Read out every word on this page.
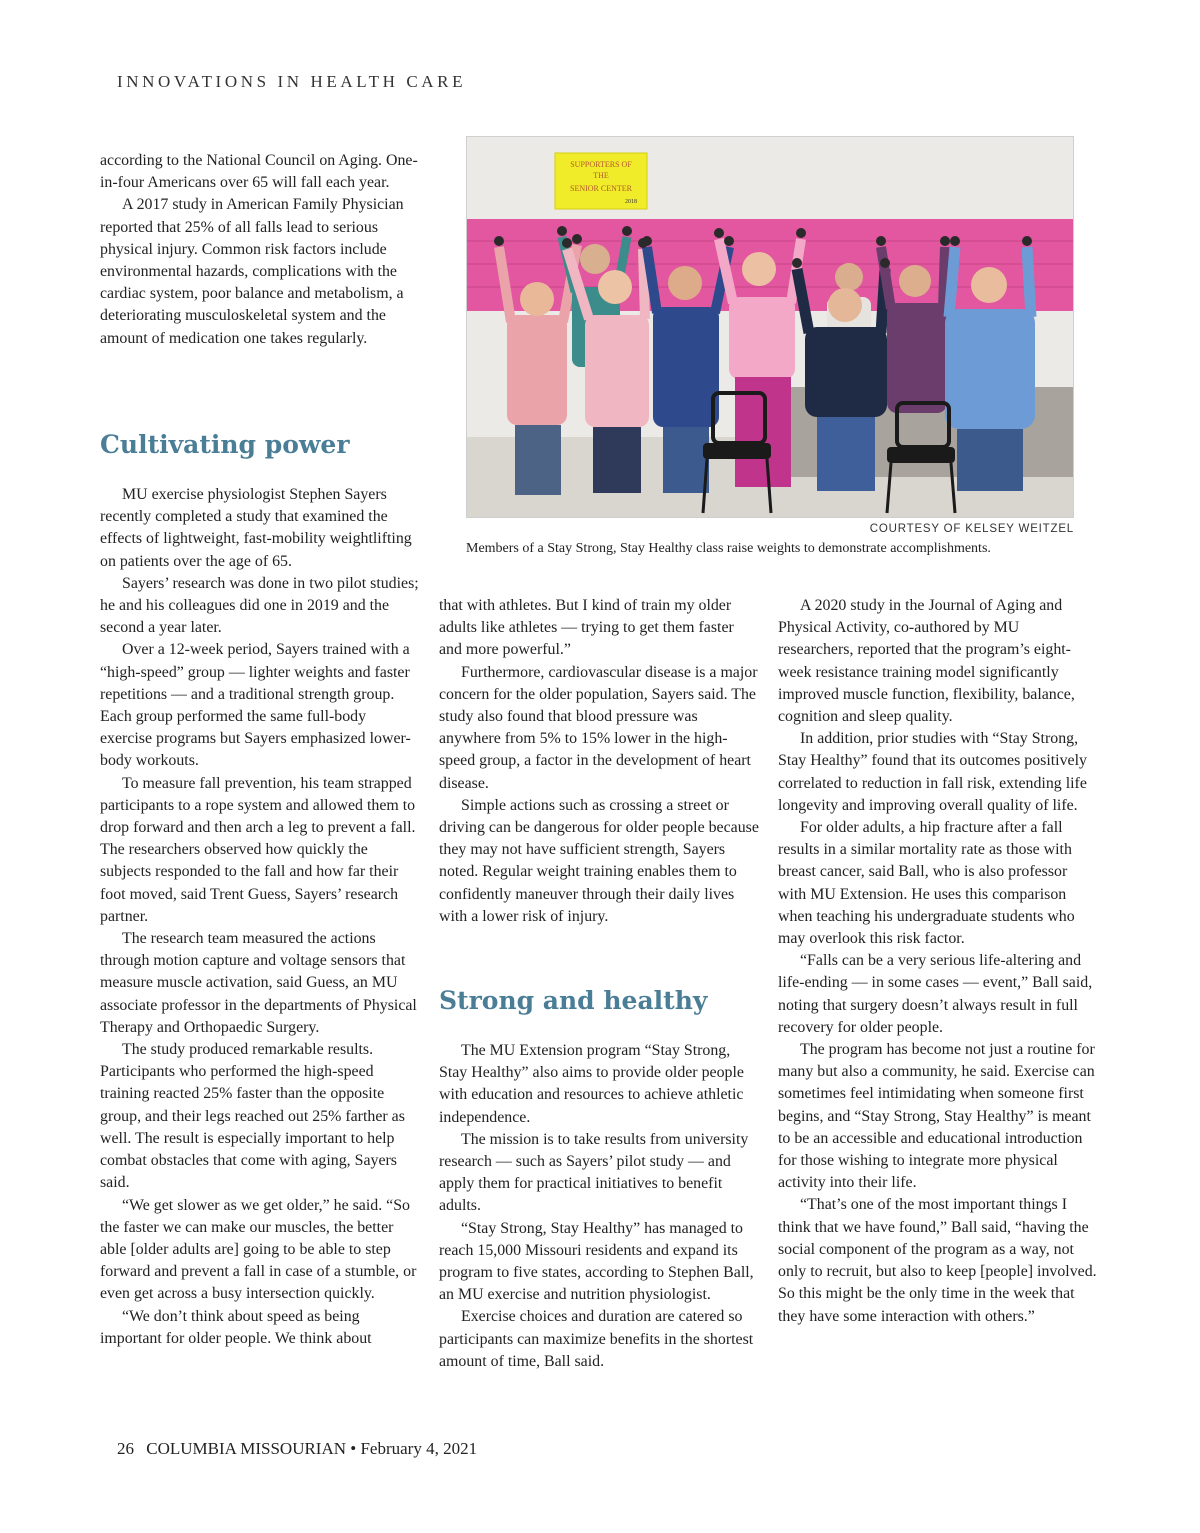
INNOVATIONS IN HEALTH CARE

according to the National Council on Aging. One-in-four Americans over 65 will fall each year.

A 2017 study in American Family Physician reported that 25% of all falls lead to serious physical injury. Common risk factors include environmental hazards, complications with the cardiac system, poor balance and metabolism, a deteriorating musculoskeletal system and the amount of medication one takes regularly.

Cultivating power

MU exercise physiologist Stephen Sayers recently completed a study that examined the effects of lightweight, fast-mobility weightlifting on patients over the age of 65.

Sayers’ research was done in two pilot studies; he and his colleagues did one in 2019 and the second a year later.

Over a 12-week period, Sayers trained with a “high-speed” group — lighter weights and faster repetitions — and a traditional strength group. Each group performed the same full-body exercise programs but Sayers emphasized lower-body workouts.

To measure fall prevention, his team strapped participants to a rope system and allowed them to drop forward and then arch a leg to prevent a fall. The researchers observed how quickly the subjects responded to the fall and how far their foot moved, said Trent Guess, Sayers’ research partner.

The research team measured the actions through motion capture and voltage sensors that measure muscle activation, said Guess, an MU associate professor in the departments of Physical Therapy and Orthopaedic Surgery.

The study produced remarkable results. Participants who performed the high-speed training reacted 25% faster than the opposite group, and their legs reached out 25% farther as well. The result is especially important to help combat obstacles that come with aging, Sayers said.

“We get slower as we get older,” he said. “So the faster we can make our muscles, the better able [older adults are] going to be able to step forward and prevent a fall in case of a stumble, or even get across a busy intersection quickly.

“We don’t think about speed as being important for older people. We think about

SUPPORTERS OF
THE
SENIOR CENTER
2018
COURTESY OF KELSEY WEITZEL
Members of a Stay Strong, Stay Healthy class raise weights to demonstrate accomplishments.

that with athletes. But I kind of train my older adults like athletes — trying to get them faster and more powerful.”

Furthermore, cardiovascular disease is a major concern for the older population, Sayers said. The study also found that blood pressure was anywhere from 5% to 15% lower in the high-speed group, a factor in the development of heart disease.

Simple actions such as crossing a street or driving can be dangerous for older people because they may not have sufficient strength, Sayers noted. Regular weight training enables them to confidently maneuver through their daily lives with a lower risk of injury.

Strong and healthy

The MU Extension program “Stay Strong, Stay Healthy” also aims to provide older people with education and resources to achieve athletic independence.

The mission is to take results from university research — such as Sayers’ pilot study — and apply them for practical initiatives to benefit adults.

“Stay Strong, Stay Healthy” has managed to reach 15,000 Missouri residents and expand its program to five states, according to Stephen Ball, an MU exercise and nutrition physiologist.

Exercise choices and duration are catered so participants can maximize benefits in the shortest amount of time, Ball said.

A 2020 study in the Journal of Aging and Physical Activity, co-authored by MU researchers, reported that the program’s eight-week resistance training model significantly improved muscle function, flexibility, balance, cognition and sleep quality.

In addition, prior studies with “Stay Strong, Stay Healthy” found that its outcomes positively correlated to reduction in fall risk, extending life longevity and improving overall quality of life.

For older adults, a hip fracture after a fall results in a similar mortality rate as those with breast cancer, said Ball, who is also professor with MU Extension. He uses this comparison when teaching his undergraduate students who may overlook this risk factor.

“Falls can be a very serious life-altering and life-ending — in some cases — event,” Ball said, noting that surgery doesn’t always result in full recovery for older people.

The program has become not just a routine for many but also a community, he said. Exercise can sometimes feel intimidating when someone first begins, and “Stay Strong, Stay Healthy” is meant to be an accessible and educational introduction for those wishing to integrate more physical activity into their life.

“That’s one of the most important things I think that we have found,” Ball said, “having the social component of the program as a way, not only to recruit, but also to keep [people] involved. So this might be the only time in the week that they have some interaction with others.”

26 COLUMBIA MISSOURIAN • February 4, 2021
